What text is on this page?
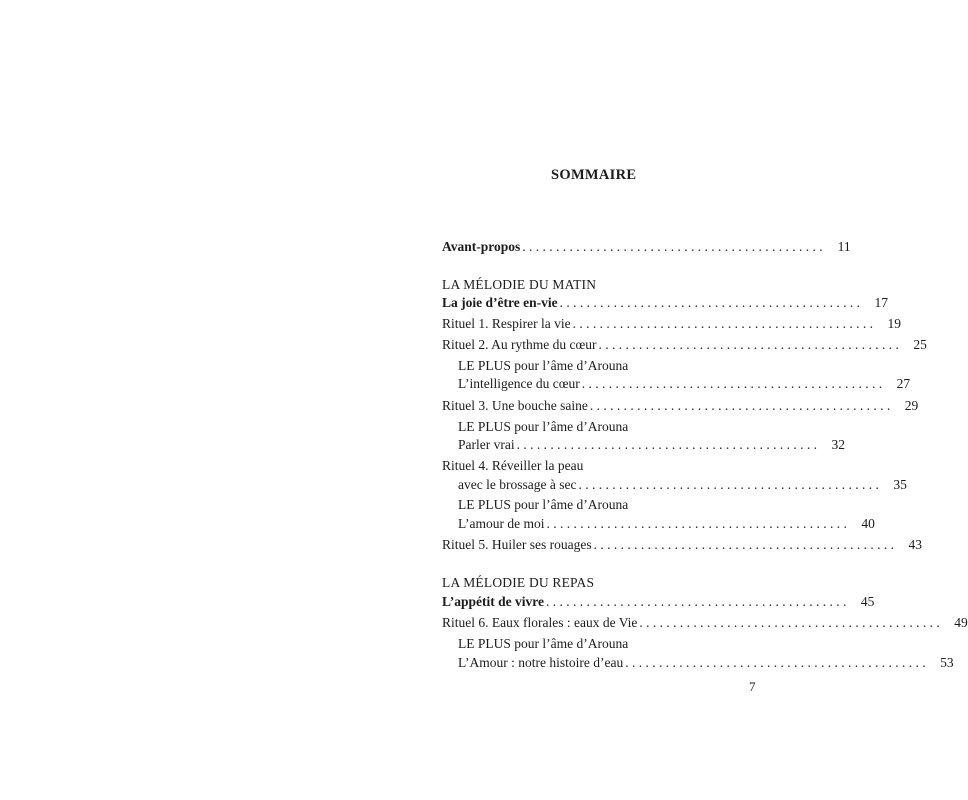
SOMMAIRE
Avant-propos . . . . . . . . . . . . . . . . . . . . . . . . . . . . . . . . . . . . . . . . . . . . .	11
LA MÉLODIE DU MATIN
La joie d’être en-vie . . . . . . . . . . . . . . . . . . . . . . . . . . . . . . . . . . . . . . . . . . . . .	17
Rituel 1. Respirer la vie . . . . . . . . . . . . . . . . . . . . . . . . . . . . . . . . . . . . . . . . . . . . .	19
Rituel 2. Au rythme du cœur . . . . . . . . . . . . . . . . . . . . . . . . . . . . . . . . . . . . . . . . . . . . .	25
LE PLUS pour l’âme d’Arouna
L’intelligence du cœur . . . . . . . . . . . . . . . . . . . . . . . . . . . . . . . . . . . . . . . . . . . . .	27
Rituel 3. Une bouche saine . . . . . . . . . . . . . . . . . . . . . . . . . . . . . . . . . . . . . . . . . . . . .	29
LE PLUS pour l’âme d’Arouna
Parler vrai . . . . . . . . . . . . . . . . . . . . . . . . . . . . . . . . . . . . . . . . . . . . .	32
Rituel 4. Réveiller la peau
avec le brossage à sec . . . . . . . . . . . . . . . . . . . . . . . . . . . . . . . . . . . . . . . . . . . . .	35
LE PLUS pour l’âme d’Arouna
L’amour de moi . . . . . . . . . . . . . . . . . . . . . . . . . . . . . . . . . . . . . . . . . . . . .	40
Rituel 5. Huiler ses rouages . . . . . . . . . . . . . . . . . . . . . . . . . . . . . . . . . . . . . . . . . . . . .	43
LA MÉLODIE DU REPAS
L’appétit de vivre . . . . . . . . . . . . . . . . . . . . . . . . . . . . . . . . . . . . . . . . . . . . .	45
Rituel 6. Eaux florales : eaux de Vie . . . . . . . . . . . . . . . . . . . . . . . . . . . . . . . . . . . . . . . . . . . . .	49
LE PLUS pour l’âme d’Arouna
L’Amour : notre histoire d’eau . . . . . . . . . . . . . . . . . . . . . . . . . . . . . . . . . . . . . . . . . . . . .	53
7
